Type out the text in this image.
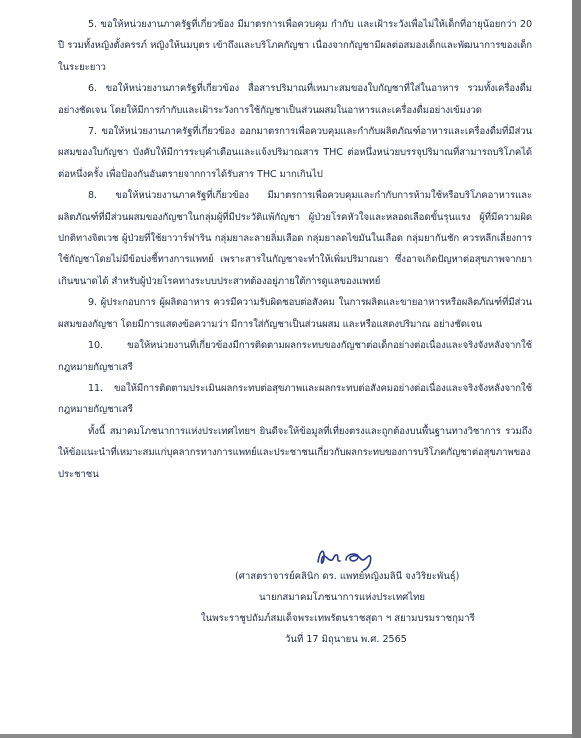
5. ขอให้หน่วยงานภาครัฐที่เกี่ยวข้อง มีมาตรการเพื่อควบคุม กำกับ และเฝ้าระวังเพื่อไม่ให้เด็กที่อายุน้อยกว่า 20 ปี รวมทั้งหญิงตั้งครรภ์ หญิงให้นมบุตร เข้าถึงและบริโภคกัญชา เนื่องจากกัญชามีผลต่อสมองเด็กและพัฒนาการของเด็กในระยะยาว

6. ขอให้หน่วยงานภาครัฐที่เกี่ยวข้อง สื่อสารปริมาณที่เหมาะสมของใบกัญชาที่ใส่ในอาหาร รวมทั้งเครื่องดื่มอย่างชัดเจน โดยให้มีการกำกับและเฝ้าระวังการใช้กัญชาเป็นส่วนผสมในอาหารและเครื่องดื่มอย่างเข้มงวด

7. ขอให้หน่วยงานภาครัฐที่เกี่ยวข้อง ออกมาตรการเพื่อควบคุมและกำกับผลิตภัณฑ์อาหารและเครื่องดื่มที่มีส่วนผสมของใบกัญชา บังคับให้มีการระบุคำเตือนและแจ้งปริมาณสาร THC ต่อหนึ่งหน่วยบรรจุปริมาณที่สามารถบริโภคได้ต่อหนึ่งครั้ง เพื่อป้องกันอันตรายจากการได้รับสาร THC มากเกินไป

8. ขอให้หน่วยงานภาครัฐที่เกี่ยวข้อง มีมาตรการเพื่อควบคุมและกำกับการห้ามใช้หรือบริโภคอาหารและผลิตภัณฑ์ที่มีส่วนผสมของกัญชาในกลุ่มผู้ที่มีประวัติแพ้กัญชา ผู้ป่วยโรคหัวใจและหลอดเลือดขั้นรุนแรง ผู้ที่มีความผิดปกติทางจิตเวช ผู้ป่วยที่ใช้ยาวาร์ฟาริน กลุ่มยาละลายลิ่มเลือด กลุ่มยาลดไขมันในเลือด กลุ่มยากันชัก ควรหลีกเลี่ยงการใช้กัญชาโดยไม่มีข้อบ่งชี้ทางการแพทย์ เพราะสารในกัญชาจะทำให้เพิ่มปริมาณยา ซึ่งอาจเกิดปัญหาต่อสุขภาพจากยาเกินขนาดได้ สำหรับผู้ป่วยโรคทางระบบประสาทต้องอยู่ภายใต้การดูแลของแพทย์

9. ผู้ประกอบการ ผู้ผลิตอาหาร ควรมีความรับผิดชอบต่อสังคม ในการผลิตและขายอาหารหรือผลิตภัณฑ์ที่มีส่วนผสมของกัญชา โดยมีการแสดงข้อความว่า มีการใส่กัญชาเป็นส่วนผสม และหรือแสดงปริมาณ อย่างชัดเจน

10. ขอให้หน่วยงานที่เกี่ยวข้องมีการติดตามผลกระทบของกัญชาต่อเด็กอย่างต่อเนื่องและจริงจังหลังจากใช้กฎหมายกัญชาเสรี

11. ขอให้มีการติดตามประเมินผลกระทบต่อสุขภาพและผลกระทบต่อสังคมอย่างต่อเนื่องและจริงจังหลังจากใช้กฎหมายกัญชาเสรี

ทั้งนี้ สมาคมโภชนาการแห่งประเทศไทยฯ ยินดีจะให้ข้อมูลที่เที่ยงตรงและถูกต้องบนพื้นฐานทางวิชาการ รวมถึงให้ข้อแนะนำที่เหมาะสมแก่บุคลากรทางการแพทย์และประชาชนเกี่ยวกับผลกระทบของการบริโภคกัญชาต่อสุขภาพของประชาชน

(ศาสตราจารย์คลินิก ดร. แพทย์หญิงมลินี จงวิริยะพันธุ์)
นายกสมาคมโภชนาการแห่งประเทศไทย
ในพระราชูปถัมภ์สมเด็จพระเทพรัตนราชสุดา ฯ สยามบรมราชกุมารี
วันที่ 17 มิถุนายน พ.ศ. 2565
